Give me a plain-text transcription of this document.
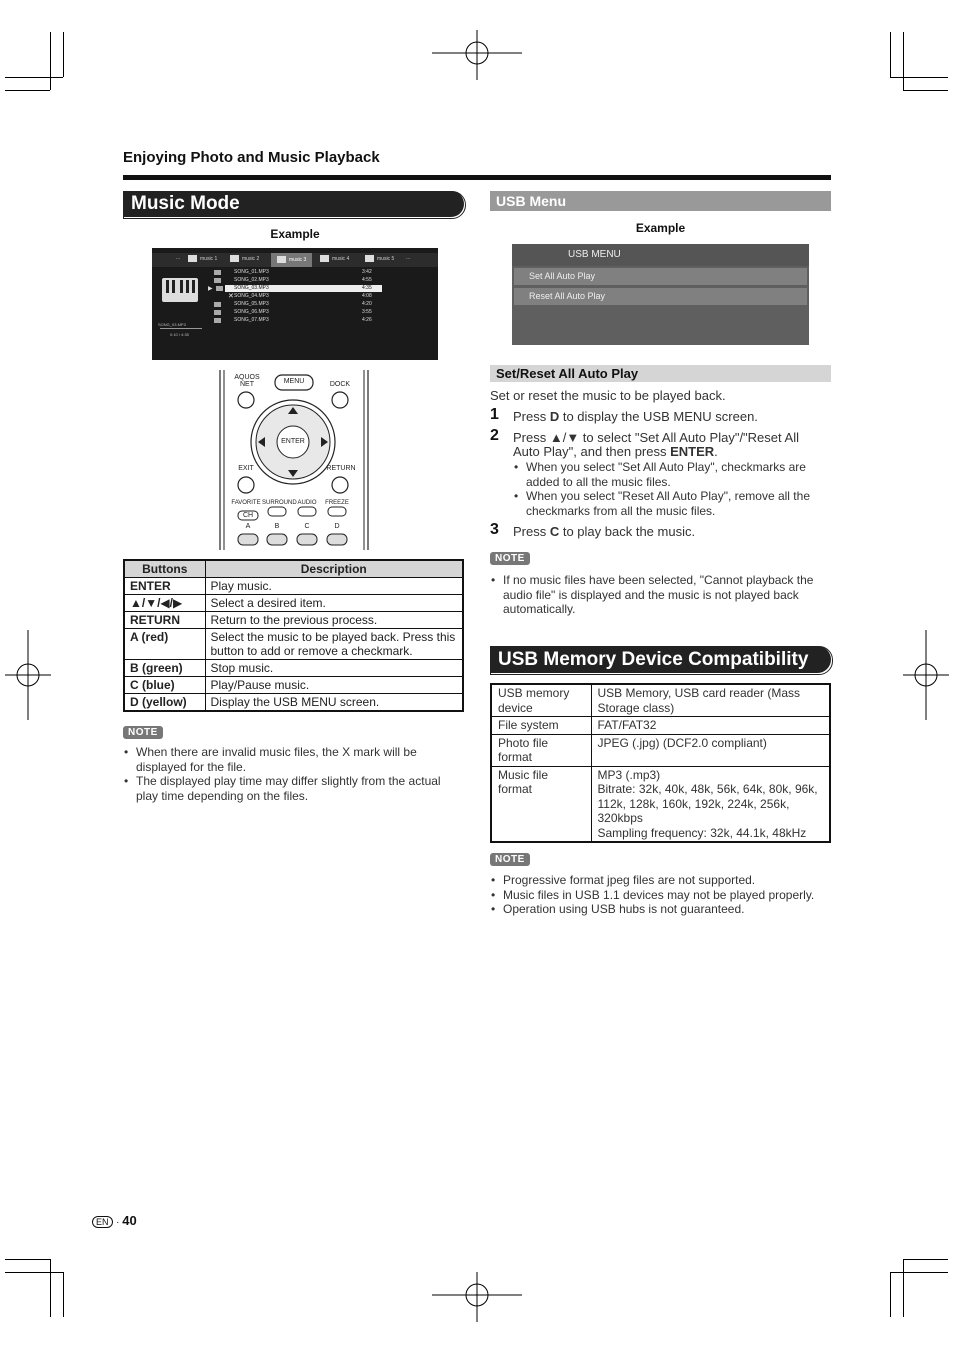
Enjoying Photo and Music Playback
Music Mode
Example
...	music 1	music 2	music 3	music 4	music 5 ...
SONG_03.MP3
0:10 / 4:35
SONG_01.MP3	3:42
SONG_02.MP3	4:55
▶	SONG_03.MP3	4:35
✕ SONG_04.MP3	4:08
SONG_05.MP3	4:20
SONG_06.MP3	3:55
SONG_07.MP3	4:26
AQUOS NET	MENU	DOCK
ENTER
EXIT	RETURN
FAVORITE SURROUND AUDIO	FREEZE
CH
A	B	C	D
Buttons	Description
ENTER	Play music.
▲/▼/◀/▶	Select a desired item.
RETURN	Return to the previous process.
A (red)	Select the music to be played back. Press this button to add or remove a checkmark.
B (green)	Stop music.
C (blue)	Play/Pause music.
D (yellow)	Display the USB MENU screen.
NOTE
• When there are invalid music files, the X mark will be displayed for the file.
• The displayed play time may differ slightly from the actual play time depending on the files.
USB Menu
Example
USB MENU
Set All Auto Play
Reset All Auto Play
Set/Reset All Auto Play
Set or reset the music to be played back.
1 Press D to display the USB MENU screen.
2 Press ▲/▼ to select "Set All Auto Play"/"Reset All
Auto Play", and then press ENTER.
• When you select "Set All Auto Play", checkmarks are added to all the music files.
• When you select "Reset All Auto Play", remove all the checkmarks from all the music files.
3 Press C to play back the music.
NOTE
• If no music files have been selected, "Cannot playback the audio file" is displayed and the music is not played back automatically.
USB Memory Device Compatibility
USB memory device	USB Memory, USB card reader (Mass Storage class)
File system	FAT/FAT32
Photo file format	JPEG (.jpg) (DCF2.0 compliant)
Music file format	MP3 (.mp3)
Bitrate: 32k, 40k, 48k, 56k, 64k, 80k, 96k, 112k, 128k, 160k, 192k, 224k, 256k, 320kbps
Sampling frequency: 32k, 44.1k, 48kHz
NOTE
• Progressive format jpeg files are not supported.
• Music files in USB 1.1 devices may not be played properly.
• Operation using USB hubs is not guaranteed.
EN · 40
